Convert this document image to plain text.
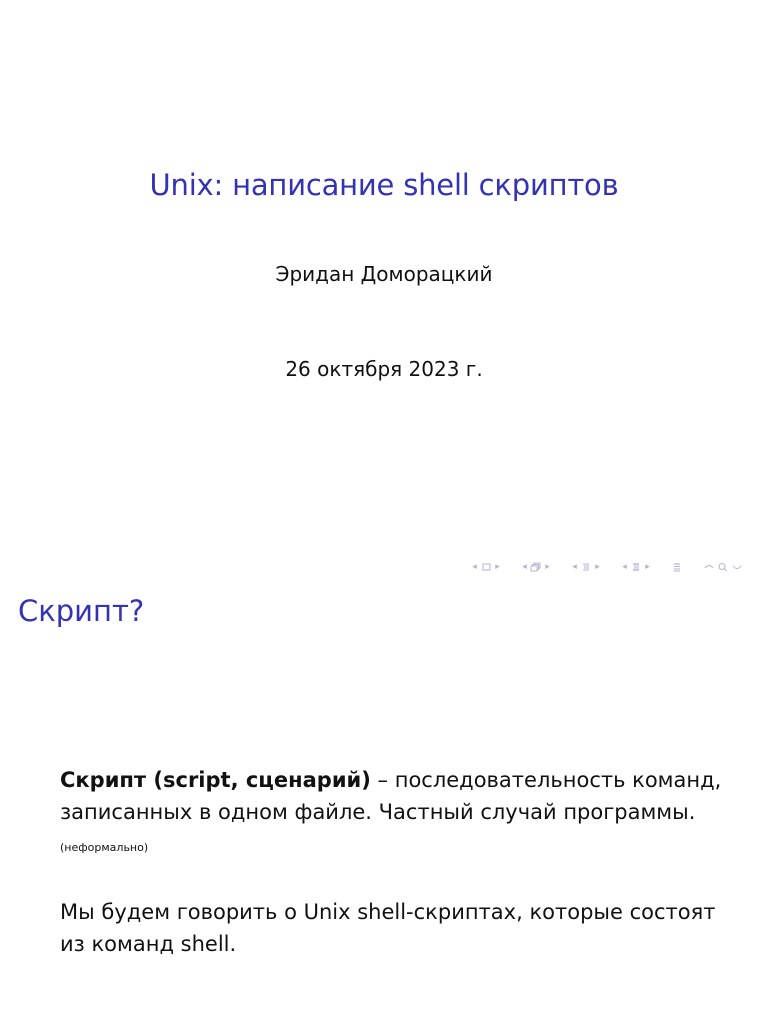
Unix: написание shell скриптов
Эридан Доморацкий
26 октября 2023 г.
◂ ▸ ◂ ▸ ◂ ▸ ◂ ▸
Скрипт?

Скрипт (script, сценарий) – последовательность команд, записанных в одном файле. Частный случай программы. (неформально)

Мы будем говорить о Unix shell-скриптах, которые состоят из команд shell.
